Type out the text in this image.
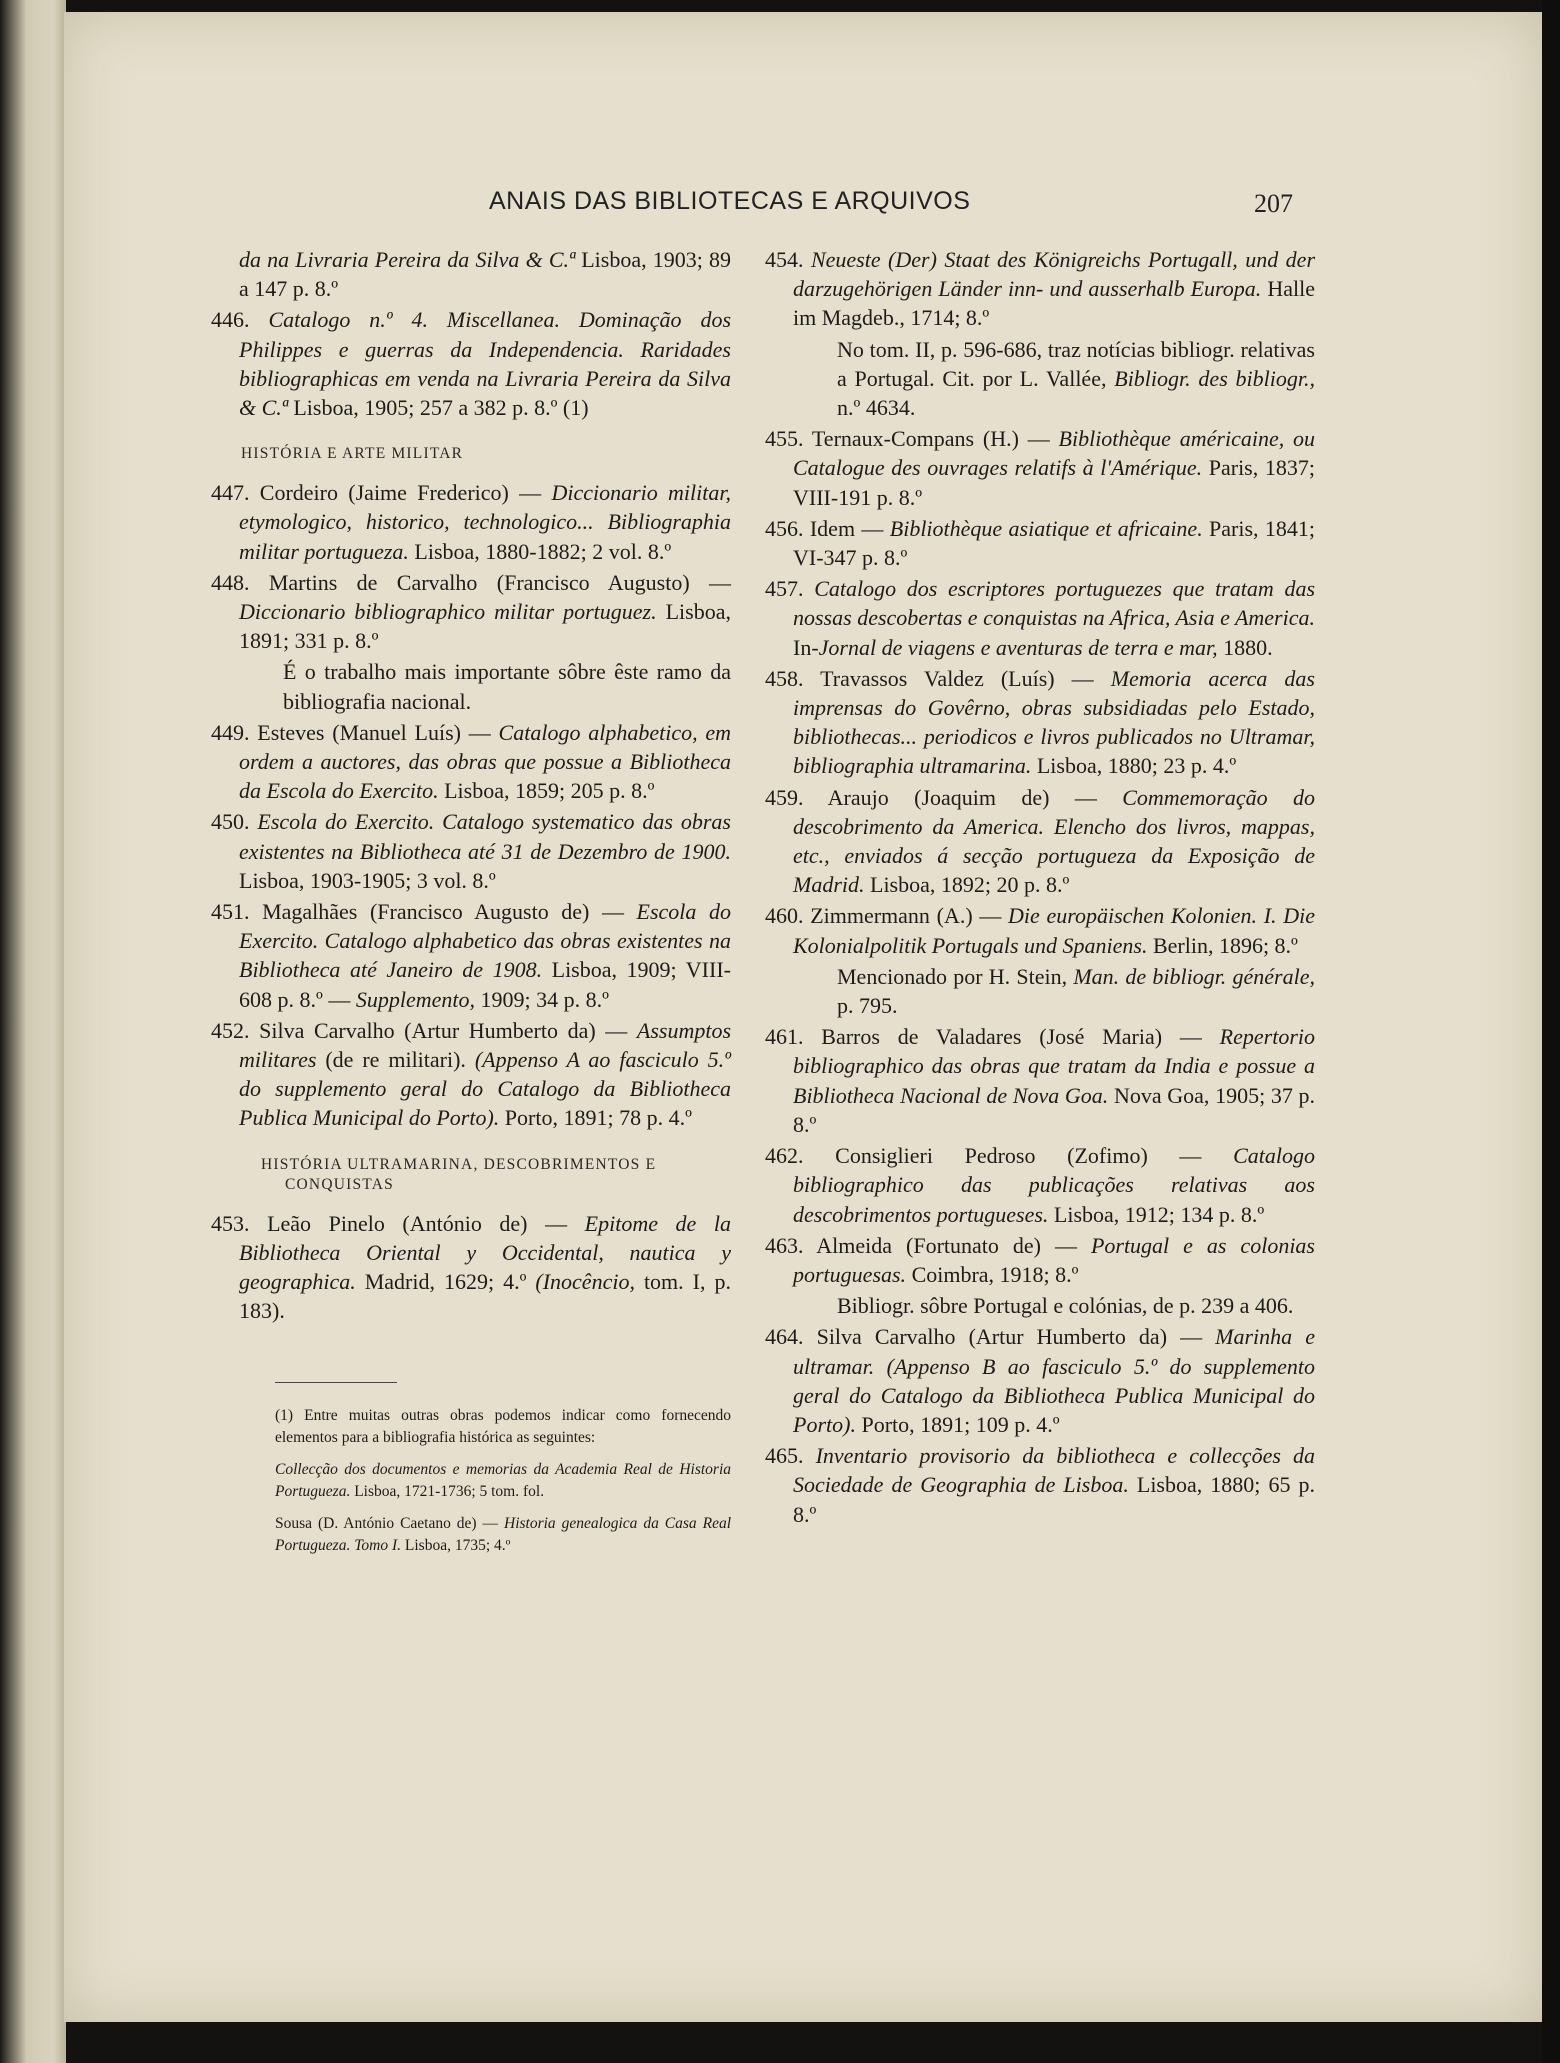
ANAIS DAS BIBLIOTECAS E ARQUIVOS	207

da na Livraria Pereira da Silva & C.ª Lisboa, 1903; 89 a 147 p. 8.º

446. Catalogo n.º 4. Miscellanea. Dominação dos Philippes e guerras da Independencia. Raridades bibliographicas em venda na Livraria Pereira da Silva & C.ª Lisboa, 1905; 257 a 382 p. 8.º (1)

HISTÓRIA E ARTE MILITAR

447. Cordeiro (Jaime Frederico) — Diccionario militar, etymologico, historico, technologico... Bibliographia militar portugueza. Lisboa, 1880-1882; 2 vol. 8.º

448. Martins de Carvalho (Francisco Augusto) — Diccionario bibliographico militar portuguez. Lisboa, 1891; 331 p. 8.º

É o trabalho mais importante sôbre êste ramo da bibliografia nacional.

449. Esteves (Manuel Luís) — Catalogo alphabetico, em ordem a auctores, das obras que possue a Bibliotheca da Escola do Exercito. Lisboa, 1859; 205 p. 8.º

450. Escola do Exercito. Catalogo systematico das obras existentes na Bibliotheca até 31 de Dezembro de 1900. Lisboa, 1903-1905; 3 vol. 8.º

451. Magalhães (Francisco Augusto de) — Escola do Exercito. Catalogo alphabetico das obras existentes na Bibliotheca até Janeiro de 1908. Lisboa, 1909; VIII-608 p. 8.º — Supplemento, 1909; 34 p. 8.º

452. Silva Carvalho (Artur Humberto da) — Assumptos militares (de re militari). (Appenso A ao fasciculo 5.º do supplemento geral do Catalogo da Bibliotheca Publica Municipal do Porto). Porto, 1891; 78 p. 4.º

HISTÓRIA ULTRAMARINA, DESCOBRIMENTOS E CONQUISTAS

453. Leão Pinelo (António de) — Epitome de la Bibliotheca Oriental y Occidental, nautica y geographica. Madrid, 1629; 4.º (Inocêncio, tom. I, p. 183).

(1) Entre muitas outras obras podemos indicar como fornecendo elementos para a bibliografia histórica as seguintes:

Collecção dos documentos e memorias da Academia Real de Historia Portugueza. Lisboa, 1721-1736; 5 tom. fol.

Sousa (D. António Caetano de) — Historia genealogica da Casa Real Portugueza. Tomo I. Lisboa, 1735; 4.º

454. Neueste (Der) Staat des Königreichs Portugall, und der darzugehörigen Länder inn- und ausserhalb Europa. Halle im Magdeb., 1714; 8.º

No tom. II, p. 596-686, traz notícias bibliogr. relativas a Portugal. Cit. por L. Vallée, Bibliogr. des bibliogr., n.º 4634.

455. Ternaux-Compans (H.) — Bibliothèque américaine, ou Catalogue des ouvrages relatifs à l'Amérique. Paris, 1837; VIII-191 p. 8.º

456. Idem — Bibliothèque asiatique et africaine. Paris, 1841; VI-347 p. 8.º

457. Catalogo dos escriptores portuguezes que tratam das nossas descobertas e conquistas na Africa, Asia e America. In-Jornal de viagens e aventuras de terra e mar, 1880.

458. Travassos Valdez (Luís) — Memoria acerca das imprensas do Govêrno, obras subsidiadas pelo Estado, bibliothecas... periodicos e livros publicados no Ultramar, bibliographia ultramarina. Lisboa, 1880; 23 p. 4.º

459. Araujo (Joaquim de) — Commemoração do descobrimento da America. Elencho dos livros, mappas, etc., enviados á secção portugueza da Exposição de Madrid. Lisboa, 1892; 20 p. 8.º

460. Zimmermann (A.) — Die europäischen Kolonien. I. Die Kolonialpolitik Portugals und Spaniens. Berlin, 1896; 8.º

Mencionado por H. Stein, Man. de bibliogr. générale, p. 795.

461. Barros de Valadares (José Maria) — Repertorio bibliographico das obras que tratam da India e possue a Bibliotheca Nacional de Nova Goa. Nova Goa, 1905; 37 p. 8.º

462. Consiglieri Pedroso (Zofimo) — Catalogo bibliographico das publicações relativas aos descobrimentos portugueses. Lisboa, 1912; 134 p. 8.º

463. Almeida (Fortunato de) — Portugal e as colonias portuguesas. Coimbra, 1918; 8.º

Bibliogr. sôbre Portugal e colónias, de p. 239 a 406.

464. Silva Carvalho (Artur Humberto da) — Marinha e ultramar. (Appenso B ao fasciculo 5.º do supplemento geral do Catalogo da Bibliotheca Publica Municipal do Porto). Porto, 1891; 109 p. 4.º

465. Inventario provisorio da bibliotheca e collecções da Sociedade de Geographia de Lisboa. Lisboa, 1880; 65 p. 8.º
